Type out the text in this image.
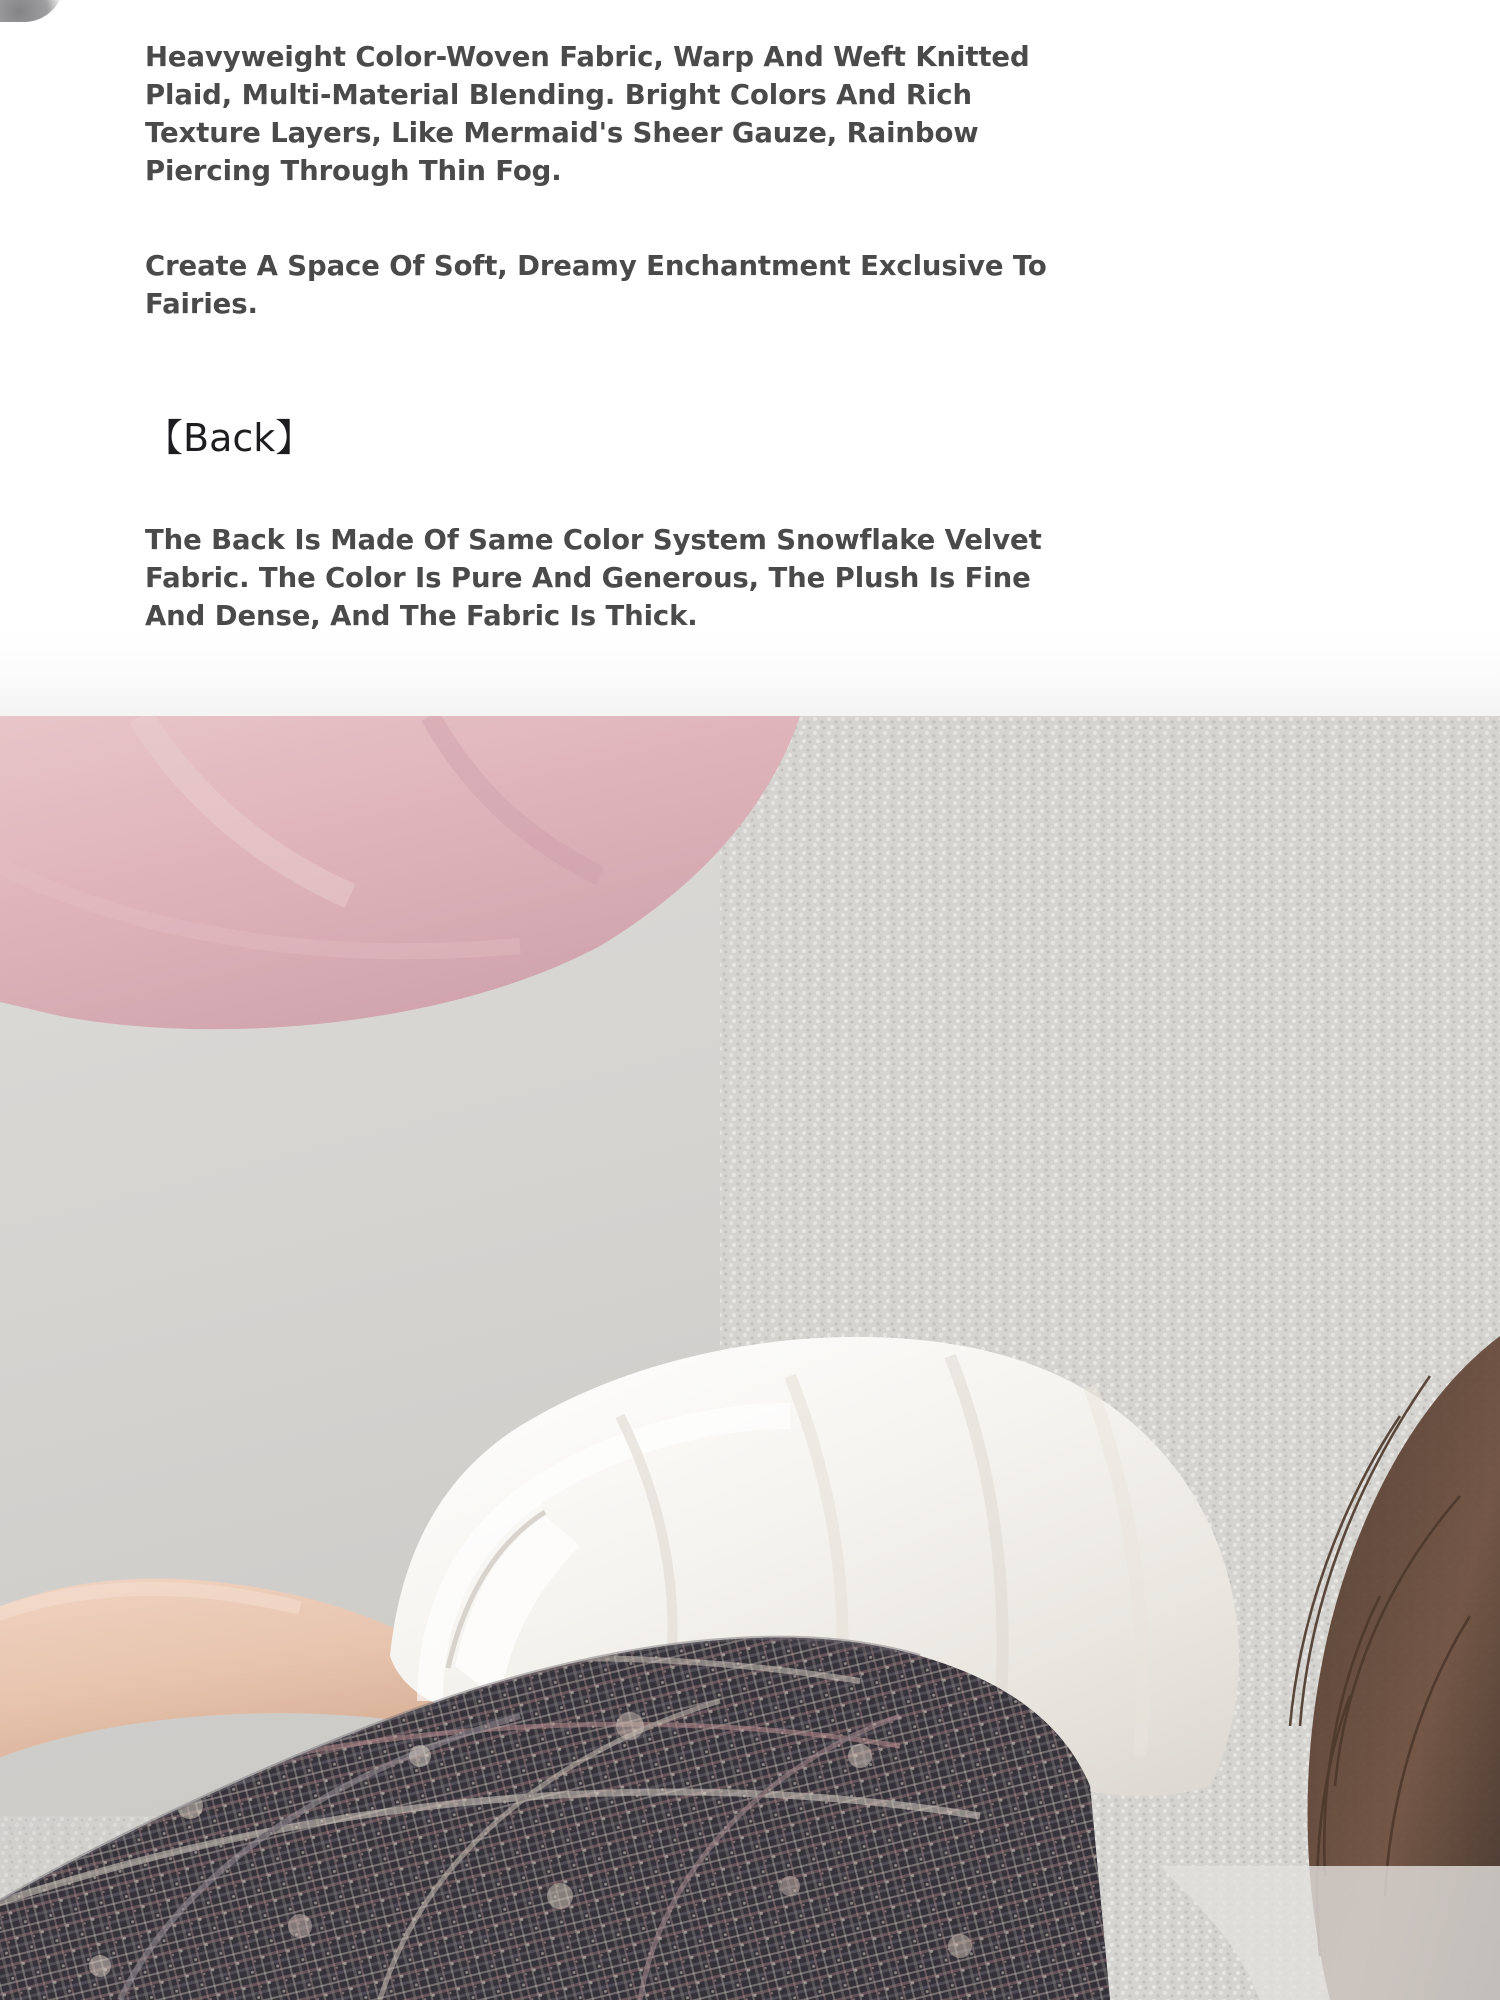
Heavyweight Color-Woven Fabric, Warp And Weft Knitted Plaid, Multi-Material Blending. Bright Colors And Rich Texture Layers, Like Mermaid's Sheer Gauze, Rainbow Piercing Through Thin Fog.

Create A Space Of Soft, Dreamy Enchantment Exclusive To Fairies.

【Back】

The Back Is Made Of Same Color System Snowflake Velvet Fabric. The Color Is Pure And Generous, The Plush Is Fine And Dense, And The Fabric Is Thick.
